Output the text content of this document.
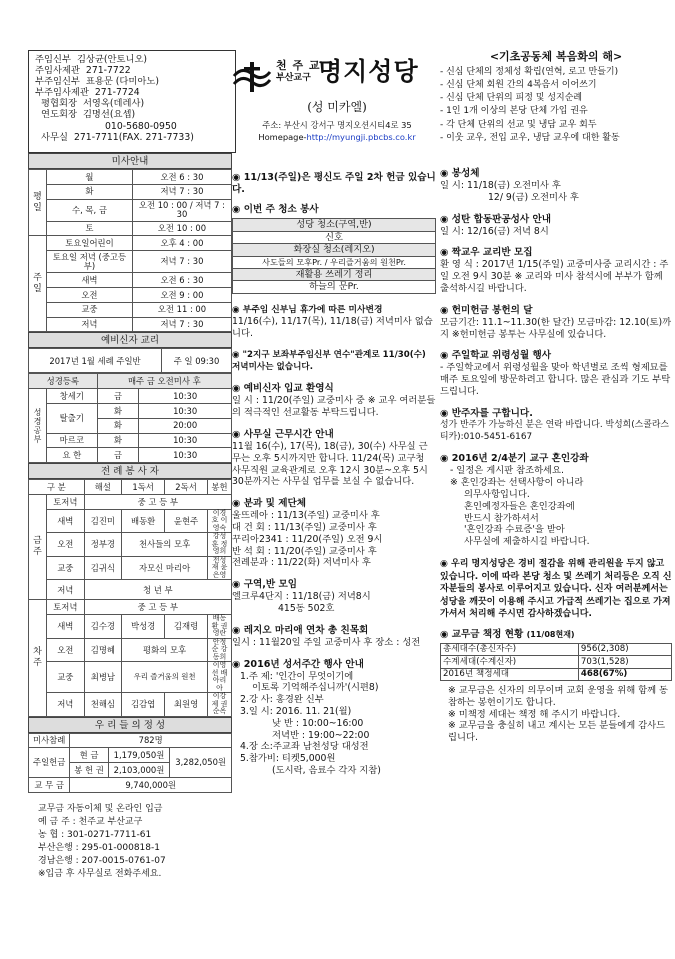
주임신부 김상균(안토니오)
주임사제관 271-7722
부주임신부 표용문 (다미아노)
부주임사제관 271-7724
평협회장 서영옥(데레사)
연도회장 김명선(요셉)
010-5680-0950
사무실 271-7711(FAX. 271-7733)
천 주 교
부산교구 명지성당
(성 미카엘)
주소: 부산시 강서구 명지오션시티4로 35
Homepage-http://myungji.pbcbs.co.kr
<기초공동체 복음화의 해>
- 신심 단체의 정체성 확립(연혁, 로고 만들기)
- 신심 단체 회원 간의 4복음서 이어쓰기
- 신심 단체 단위의 피정 및 성지순례
- 1인 1개 이상의 본당 단체 가입 권유
- 각 단체 단위의 선교 및 냉담 교우 회두
- 이웃 교우, 전입 교우, 냉담 교우에 대한 활동
미사안내
평일	월	오전 6 : 30
	화	저녁 7 : 30
	수, 목, 금	오전 10 : 00 / 저녁 7 : 30
	토	오전 10 : 00
주일	토요일어린이	오후 4 : 00
	토요일 저녁 (중고등부)	저녁 7 : 30
	새벽	오전 6 : 30
	오전	오전 9 : 00
	교중	오전 11 : 00
	저녁	저녁 7 : 30
예비신자 교리
2017년 1월 세례 주일반	주 일 09:30
성경등록		매주 금 오전미사 후	
성경공부	창세기	금	10:30
	탈출기	화	10:30
		화	20:00
	마르코	화	10:30
	요 한	금	10:30
전 례 봉 사 자
구 분		해설	1독서	2독서	봉헌
금주	토저녁	중 고 등 부			
	새벽	김진미	배동환	윤현주	이경호 이영숙
	오전	정부경	천사들의 모후		강성훈 정영희
	교중	김귀식	자모신 마리아		전성재 윤은영
	저녁	청 년 부			
차주	토저녁	중 고 등 부			
	새벽	김수경	박성경	김재령	배동환 권영란
	오전	김명혜	평화의 모후		안정순 강동희
	교중	최병남	우리 즐거움의 원천		이영선 배아리아
	저녁	천해심	김감엽	최원영	이강제 권순옥
우 리 들 의 정 성
미사참례	782명		
주일헌금	현 금	1,179,050원	3,282,050원
	봉 헌 권	2,103,000원	
교 무 금	9,740,000원		
교무금 자동이체 및 온라인 입금
예 금 주 : 천주교 부산교구
농 협 : 301-0271-7711-61
부산은행 : 295-01-000818-1
경남은행 : 207-0015-0761-07
※입금 후 사무실로 전화주세요.
◉ 11/13(주일)은 평신도 주일 2차 헌금 있습니다.
◉ 이번 주 청소 봉사
성당 청소(구역,반)
신호
화장실 청소(레지오)
사도들의 모후Pr. / 우리즐거움의 원천Pr.
재활용 쓰레기 정리
하늘의 문Pr.
◉ 부주임 신부님 휴가에 따른 미사변경
11/16(수), 11/17(목), 11/18(금) 저녁미사 없습니다.
◉ "2지구 보좌부주임신부 연수"관계로 11/30(수) 저녁미사는 없습니다.
◉ 예비신자 입교 환영식
일 시 : 11/20(주일) 교중미사 중 ※ 교우 여러분들의 적극적인 선교활동 부탁드립니다.
◉ 사무실 근무시간 안내
11월 16(수), 17(목), 18(금), 30(수) 사무실 근무는 오후 5시까지만 합니다. 11/24(목) 교구청 사무직원 교육관계로 오후 12시 30분~오후 5시 30분까지는 사무실 업무를 보실 수 없습니다.
◉ 분과 및 제단체
울뜨레아 : 11/13(주일) 교중미사 후
대 건 회 : 11/13(주일) 교중미사 후
꾸리아2341 : 11/20(주일) 오전 9시
반 석 회 : 11/20(주일) 교중미사 후
전례분과 : 11/22(화) 저녁미사 후
◉ 구역,반 모임
엘크루4단지 : 11/18(금) 저녁8시
415동 502호
◉ 레지오 마리애 연차 총 친목회
일시 : 11월20일 주일 교중미사 후 장소 : 성전
◉ 2016년 성서주간 행사 안내
1.주 제: '인간이 무엇이기에
이토록 기억해주십니까'(시편8)
2.강 사: 홍경완 신부
3.일 시: 2016. 11. 21(월)
낮 반 : 10:00~16:00
저녁반 : 19:00~22:00
4.장 소:주교좌 남천성당 대성전
5.참가비: 티켓5,000원
(도시락, 음료수 각자 지참)
◉ 봉성체
일 시: 11/18(금) 오전미사 후
12/ 9(금) 오전미사 후
◉ 성탄 합동판공성사 안내
일 시: 12/16(금) 저녁 8시
◉ 짝교우 교리반 모집
환 영 식 : 2017년 1/15(주일) 교중미사중 교리시간 : 주일 오전 9시 30분 ※ 교리와 미사 참석시에 부부가 함께 출석하시길 바랍니다.
◉ 헌미헌금 봉헌의 달
모금기간: 11.1~11.30(한 달간) 모금마감: 12.10(토)까지 ※헌미헌금 봉투는 사무실에 있습니다.
◉ 주일학교 위령성월 행사
- 주일학교에서 위령성월을 맞아 학년별로 조씩 형제묘를 매주 토요일에 방문하려고 합니다. 많은 관심과 기도 부탁드립니다.
◉ 반주자를 구합니다.
성가 반주가 가능하신 분은 연락 바랍니다. 박성희(스콜라스티카):010-5451-6167
◉ 2016년 2/4분기 교구 혼인강좌
- 일정은 게시판 참조하세요.
※ 혼인강좌는 선택사항이 아니라
의무사항입니다.
혼인예정자들은 혼인강좌에
반드시 참가하셔서
'혼인강좌 수료증'을 받아
사무실에 제출하시길 바랍니다.
◉ 우리 명지성당은 경비 절감을 위해 관리원을 두지 않고 있습니다. 이에 따라 본당 청소 및 쓰레기 처리등은 오직 신자분들의 봉사로 이루어지고 있습니다. 신자 여러분께서는 성당을 깨끗이 이용해 주시고 가급적 쓰레기는 집으로 가져가셔서 처리해 주시면 감사하겠습니다.
◉ 교무금 책정 현황 (11/08현재)
총세대수(총신자수)	956(2,308)
수계세대(수계신자)	703(1,528)
2016년 책정세대	468(67%)
※ 교무금은 신자의 의무이며 교회 운영을 위해 함께 동참하는 봉헌이기도 합니다.
※ 미책정 세대는 책정 해 주시기 바랍니다.
※ 교무금을 충실히 내고 계시는 모든 분들에게 감사드립니다.
